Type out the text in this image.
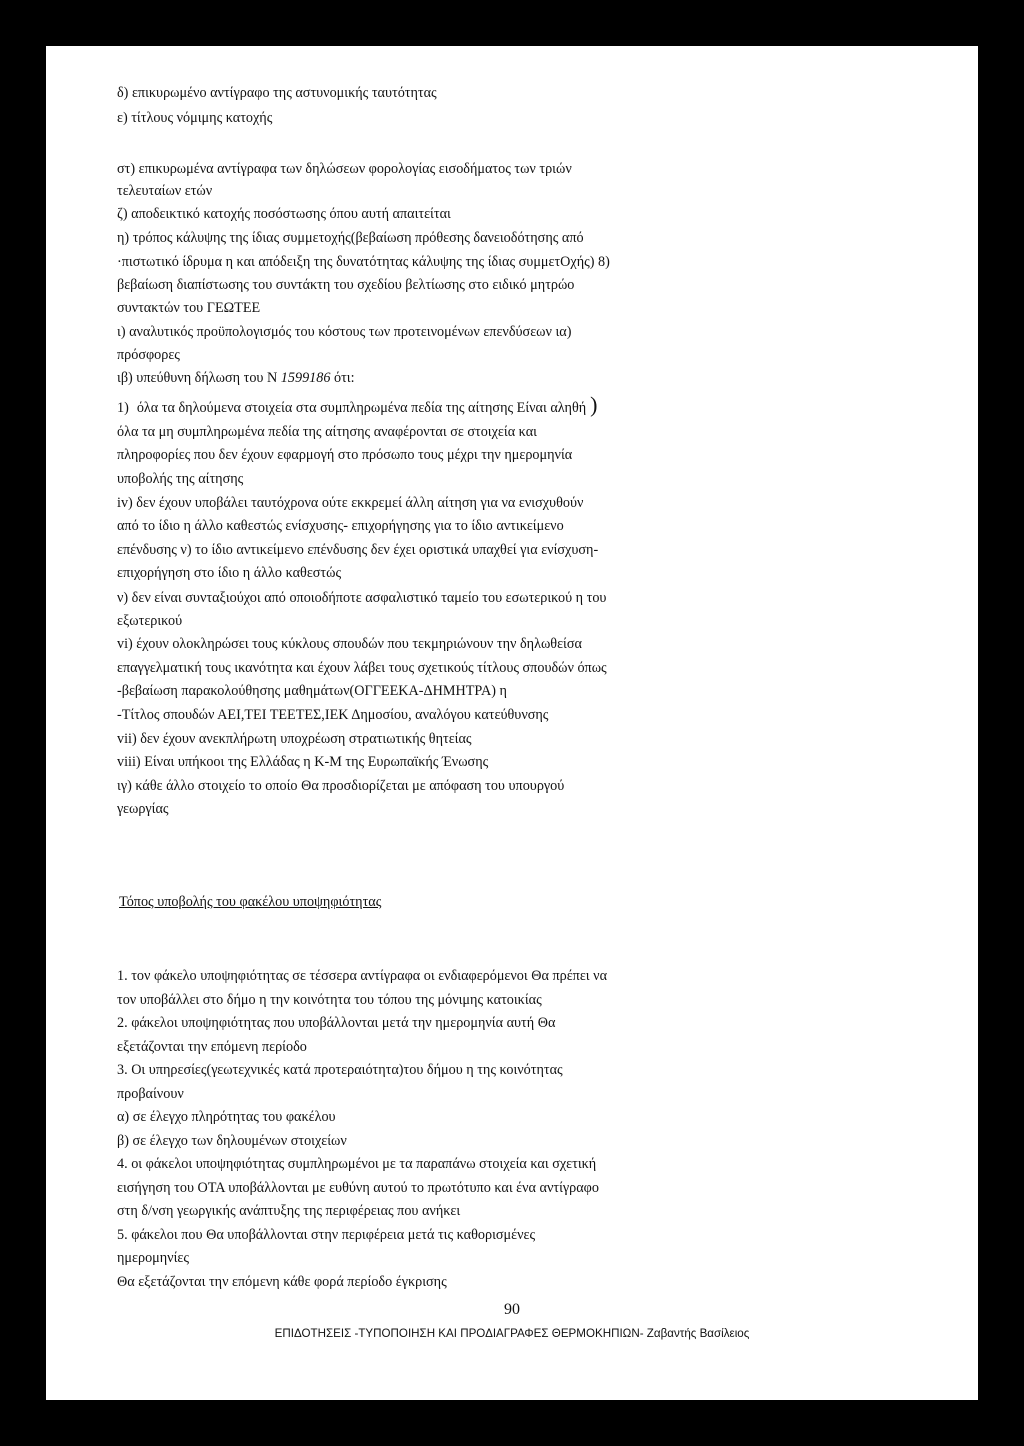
δ) επικυρωμένο αντίγραφο της αστυνομικής ταυτότητας

ε) τίτλους νόμιμης κατοχής

στ) επικυρωμένα αντίγραφα των δηλώσεων φορολογίας εισοδήματος των τριών

τελευταίων ετών

ζ) αποδεικτικό κατοχής ποσόστωσης όπου αυτή απαιτείται

η) τρόπος κάλυψης της ίδιας συμμετοχής(βεβαίωση πρόθεσης δανειοδότησης από

·πιστωτικό ίδρυμα η και απόδειξη της δυνατότητας κάλυψης της ίδιας συμμετΟχής) 8)

βεβαίωση διαπίστωσης του συντάκτη του σχεδίου βελτίωσης στο ειδικό μητρώο

συντακτών του ΓΕΩΤΕΕ

ι) αναλυτικός προϋπολογισμός του κόστους των προτεινομένων επενδύσεων ια)

πρόσφορες

ιβ) υπεύθυνη δήλωση του Ν 1599186 ότι:

1) όλα τα δηλούμενα στοιχεία στα συμπληρωμένα πεδία της αίτησης Είναι αληθή )

όλα τα μη συμπληρωμένα πεδία της αίτησης αναφέρονται σε στοιχεία και

πληροφορίες που δεν έχουν εφαρμογή στο πρόσωπο τους μέχρι την ημερομηνία

υποβολής της αίτησης

iv) δεν έχουν υποβάλει ταυτόχρονα ούτε εκκρεμεί άλλη αίτηση για να ενισχυθούν

από το ίδιο η άλλο καθεστώς ενίσχυσης- επιχορήγησης για το ίδιο αντικείμενο

επένδυσης ν) το ίδιο αντικείμενο επένδυσης δεν έχει οριστικά υπαχθεί για ενίσχυση-

επιχορήγηση στο ίδιο η άλλο καθεστώς

ν) δεν είναι συνταξιούχοι από οποιοδήποτε ασφαλιστικό ταμείο του εσωτερικού η του

εξωτερικού

vi) έχουν ολοκληρώσει τους κύκλους σπουδών που τεκμηριώνουν την δηλωθείσα

επαγγελματική τους ικανότητα και έχουν λάβει τους σχετικούς τίτλους σπουδών όπως

-βεβαίωση παρακολούθησης μαθημάτων(ΟΓΓΕΕΚΑ-ΔΗΜΗΤΡΑ) η

-Τίτλος σπουδών ΑΕΙ,ΤΕΙ ΤΕΕΤΕΣ,ΙΕΚ Δημοσίου, αναλόγου κατεύθυνσης

vii) δεν έχουν ανεκπλήρωτη υποχρέωση στρατιωτικής θητείας

viii) Είναι υπήκοοι της Ελλάδας η Κ-Μ της Ευρωπαϊκής Ένωσης

ιγ) κάθε άλλο στοιχείο το οποίο Θα προσδιορίζεται με απόφαση του υπουργού

γεωργίας

Τόπος υποβολής του φακέλου υποψηφιότητας

1. τον φάκελο υποψηφιότητας σε τέσσερα αντίγραφα οι ενδιαφερόμενοι Θα πρέπει να

τον υποβάλλει στο δήμο η την κοινότητα του τόπου της μόνιμης κατοικίας

2. φάκελοι υποψηφιότητας που υποβάλλονται μετά την ημερομηνία αυτή Θα

εξετάζονται την επόμενη περίοδο

3. Οι υπηρεσίες(γεωτεχνικές κατά προτεραιότητα)του δήμου η της κοινότητας

προβαίνουν

α) σε έλεγχο πληρότητας του φακέλου

β) σε έλεγχο των δηλουμένων στοιχείων

4. οι φάκελοι υποψηφιότητας συμπληρωμένοι με τα παραπάνω στοιχεία και σχετική

εισήγηση του ΟΤΑ υποβάλλονται με ευθύνη αυτού το πρωτότυπο και ένα αντίγραφο

στη δ/νση γεωργικής ανάπτυξης της περιφέρειας που ανήκει

5. φάκελοι που Θα υποβάλλονται στην περιφέρεια μετά τις καθορισμένες

ημερομηνίες

Θα εξετάζονται την επόμενη κάθε φορά περίοδο έγκρισης

90
ΕΠΙΔΟΤΗΣΕΙΣ -ΤΥΠΟΠΟΙΗΣΗ ΚΑΙ ΠΡΟΔΙΑΓΡΑΦΕΣ ΘΕΡΜΟΚΗΠΙΩΝ- Ζαβαντής Βασίλειος
